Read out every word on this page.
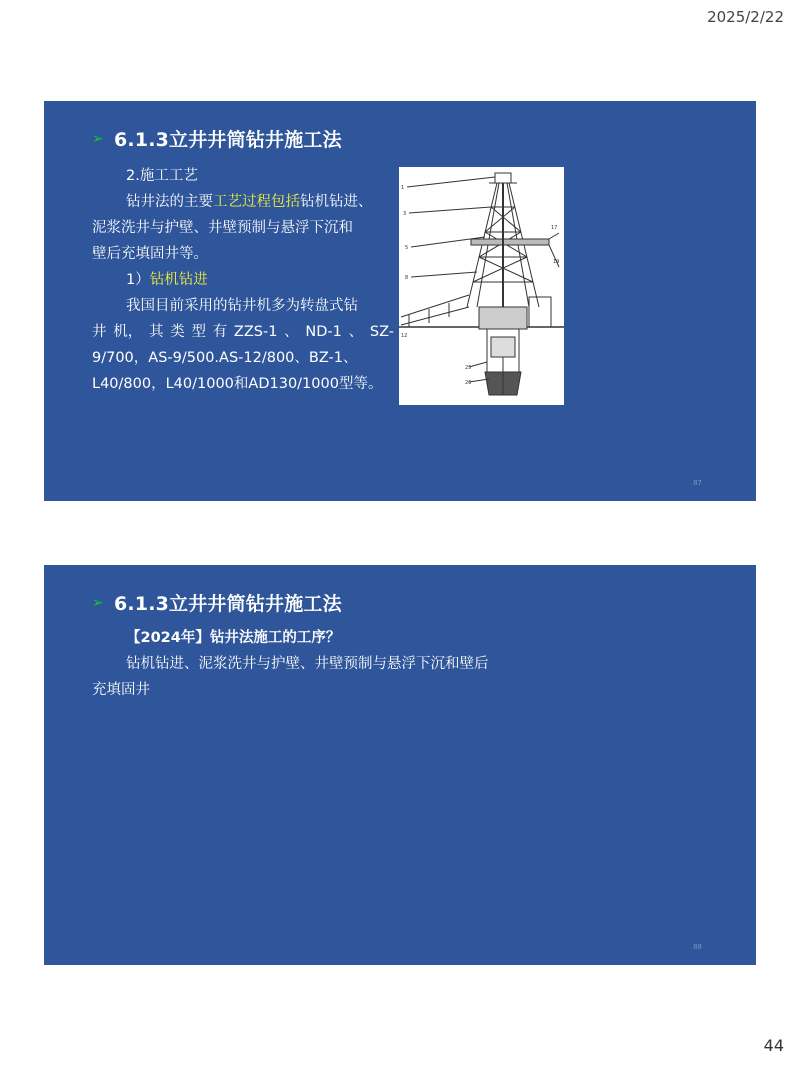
2025/2/22
➢ 6.1.3立井井筒钻井施工法
2.施工工艺
钻井法的主要工艺过程包括钻机钻进、
泥浆洗井与护壁、井壁预制与悬浮下沉和
壁后充填固井等。
1）钻机钻进
我国目前采用的钻井机多为转盘式钻
井 机， 其 类 型 有 ZZS-1 、 ND-1 、 SZ-
9/700，AS-9/500.AS-12/800、BZ-1、
L40/800，L40/1000和AD130/1000型等。
1
3
5
8
12
25
26
17
19
87
➢ 6.1.3立井井筒钻井施工法
【2024年】钻井法施工的工序？
钻机钻进、泥浆洗井与护壁、井壁预制与悬浮下沉和壁后
充填固井
88
44
